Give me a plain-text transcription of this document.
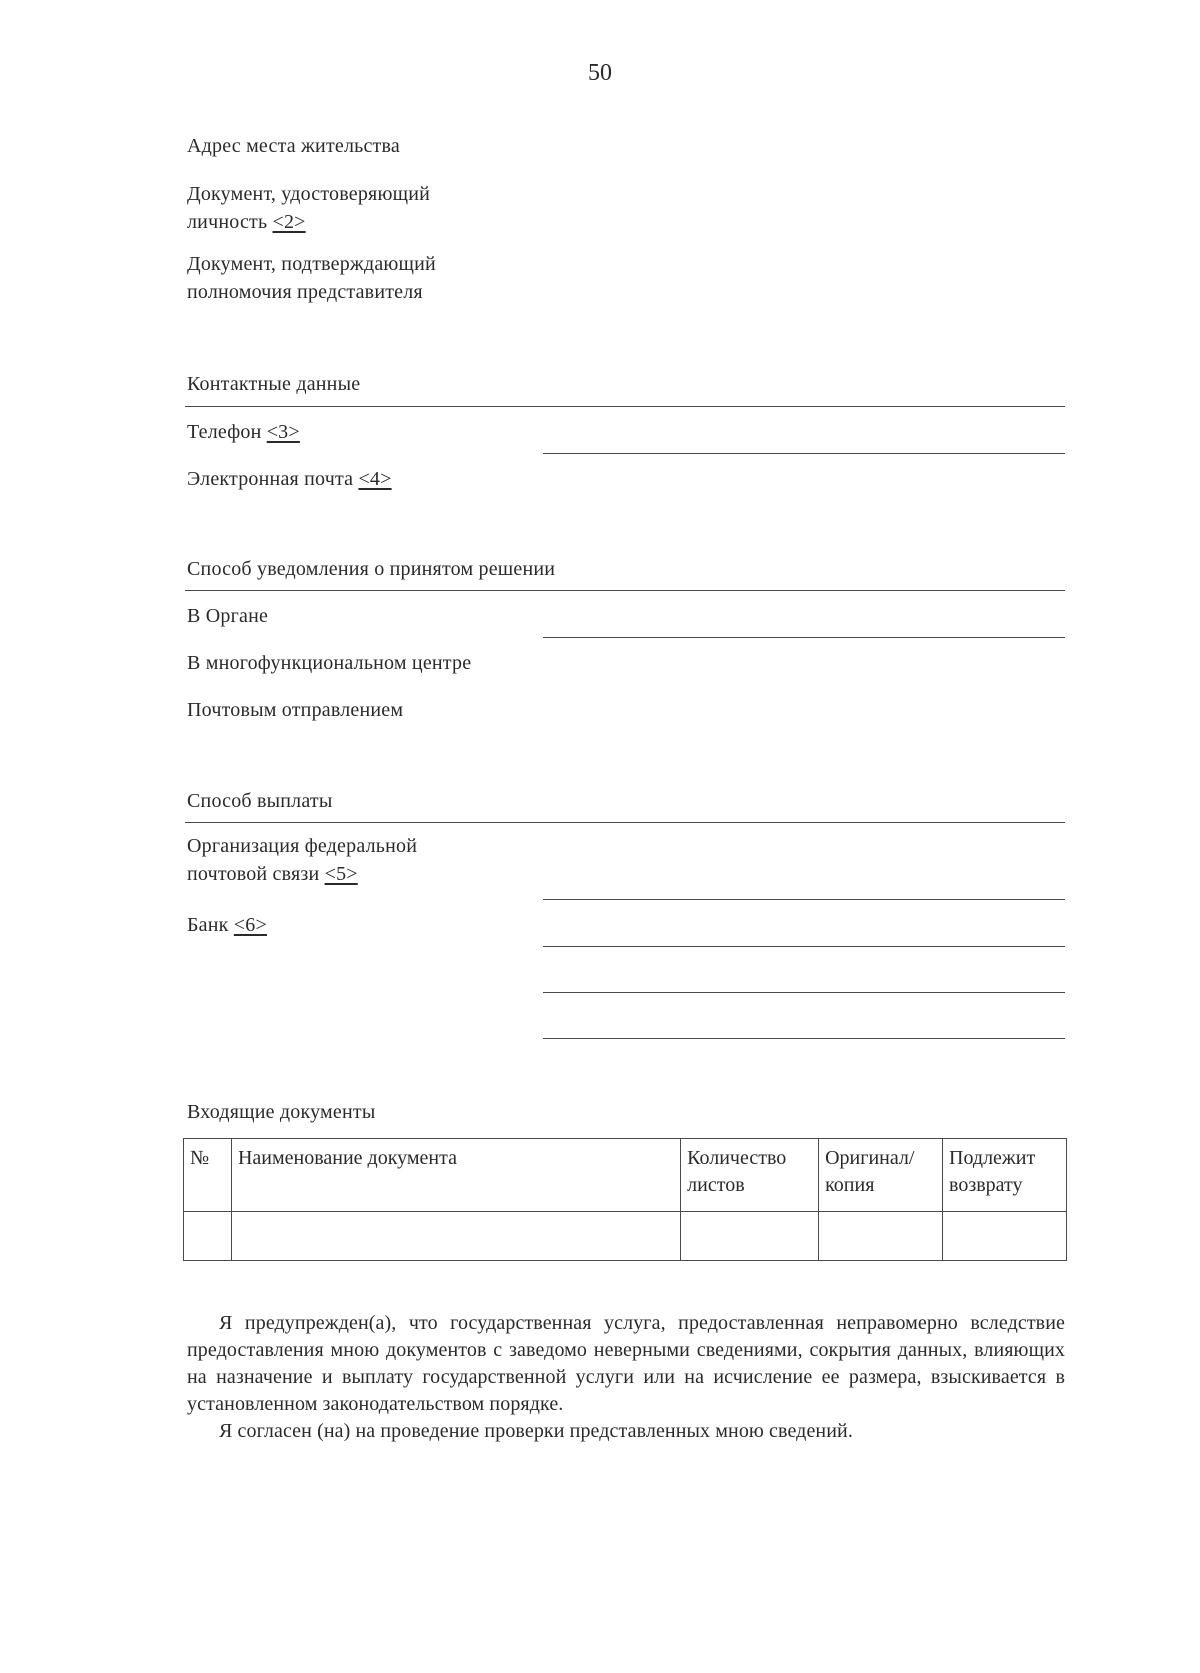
50
Адрес места жительства
Документ, удостоверяющий
личность <2>
Документ, подтверждающий
полномочия представителя
Контактные данные
Телефон <3>
Электронная почта <4>
Способ уведомления о принятом решении
В Органе
В многофункциональном центре
Почтовым отправлением
Способ выплаты
Организация федеральной
почтовой связи <5>
Банк <6>
Входящие документы
№	Наименование документа	Количество листов	Оригинал/ копия	Подлежит возврату

Я предупрежден(а), что государственная услуга, предоставленная неправомерно вследствие предоставления мною документов с заведомо неверными сведениями, сокрытия данных, влияющих на назначение и выплату государственной услуги или на исчисление ее размера, взыскивается в установленном законодательством порядке.
Я согласен (на) на проведение проверки представленных мною сведений.
